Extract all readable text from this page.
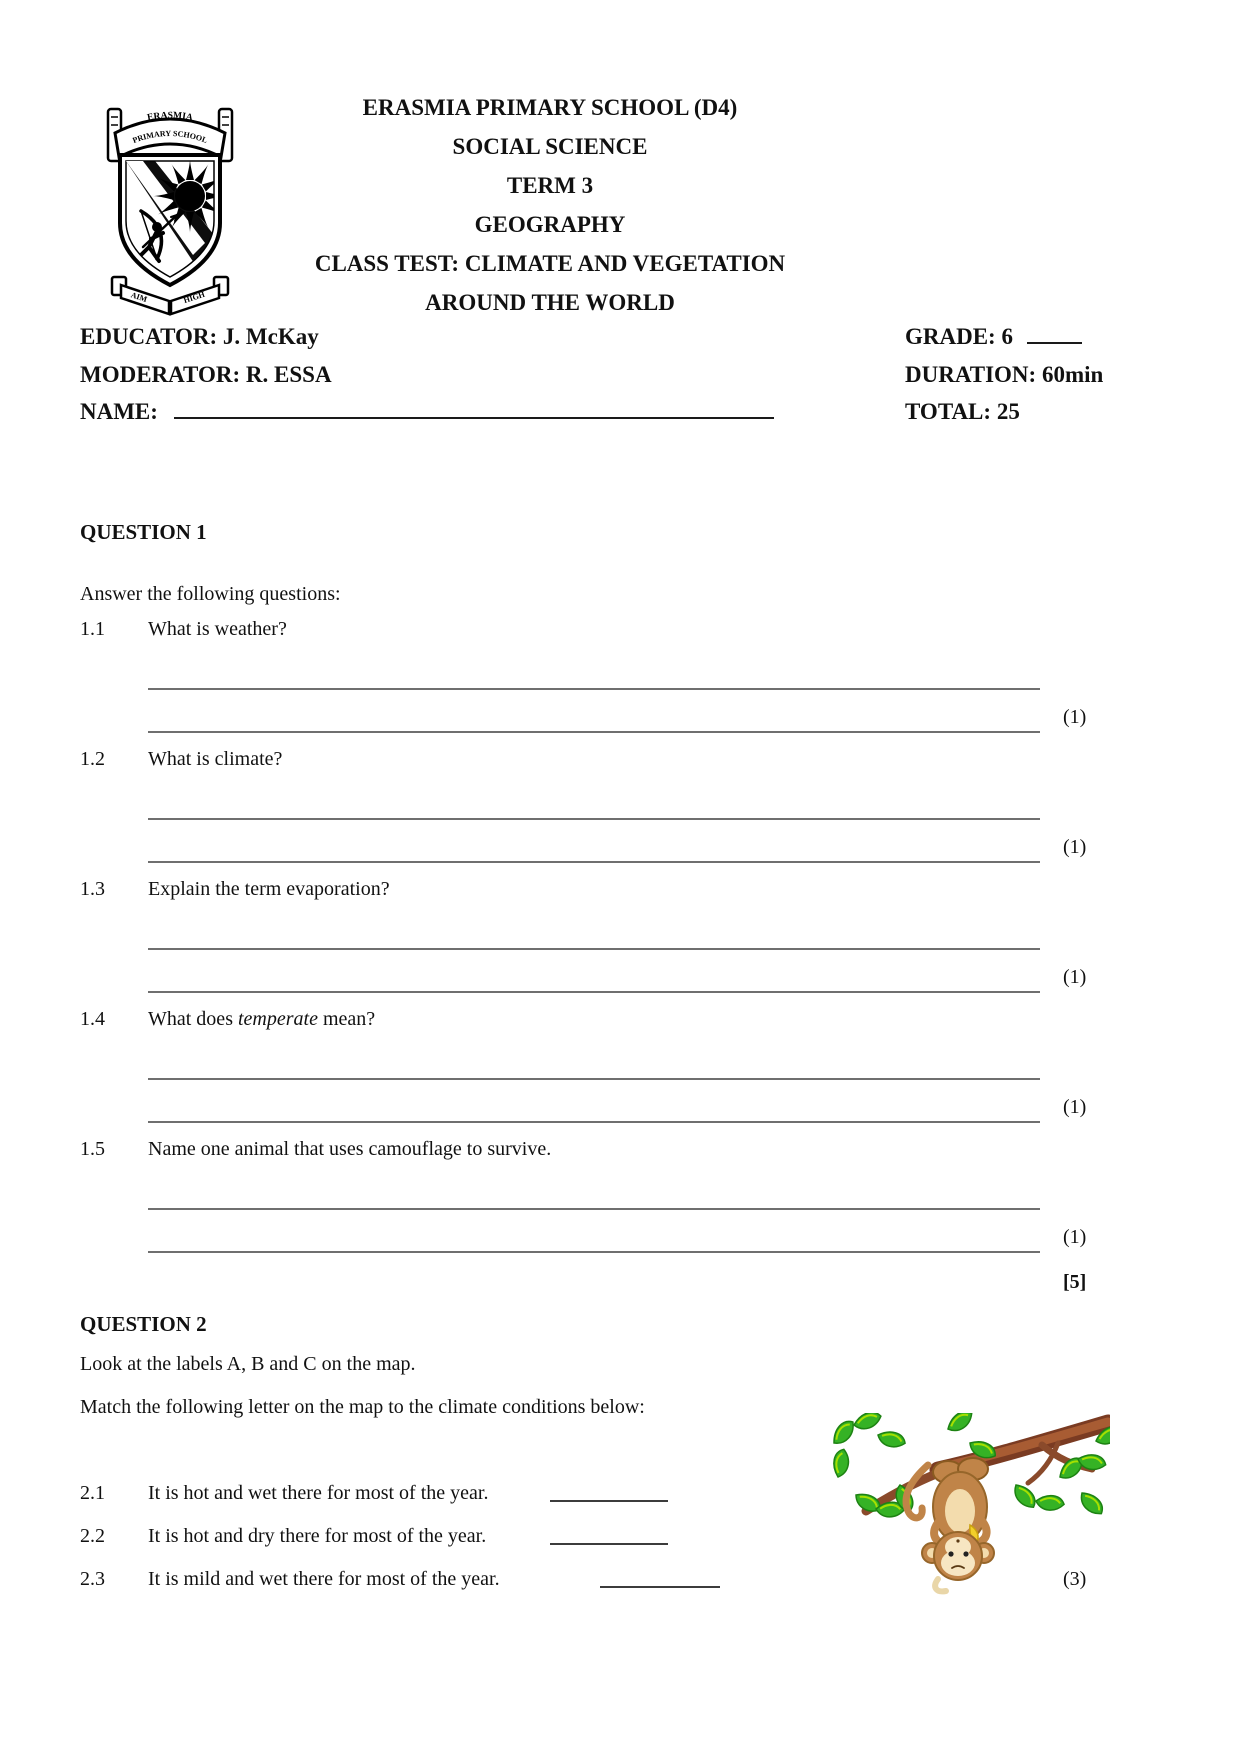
ERASMIA
PRIMARY SCHOOL
AIM	HIGH
ERASMIA PRIMARY SCHOOL (D4)
SOCIAL SCIENCE
TERM 3
GEOGRAPHY
CLASS TEST: CLIMATE AND VEGETATION
AROUND THE WORLD
EDUCATOR: J. McKay	GRADE: 6
MODERATOR: R. ESSA	DURATION: 60min
NAME:	TOTAL: 25
QUESTION 1
Answer the following questions:
1.1 What is weather?
(1)
1.2 What is climate?
(1)
1.3 Explain the term evaporation?
(1)
1.4 What does temperate mean?
(1)
1.5 Name one animal that uses camouflage to survive.
(1)
[5]
QUESTION 2
Look at the labels A, B and C on the map.
Match the following letter on the map to the climate conditions below:
2.1 It is hot and wet there for most of the year.
2.2 It is hot and dry there for most of the year.
2.3 It is mild and wet there for most of the year.	(3)
